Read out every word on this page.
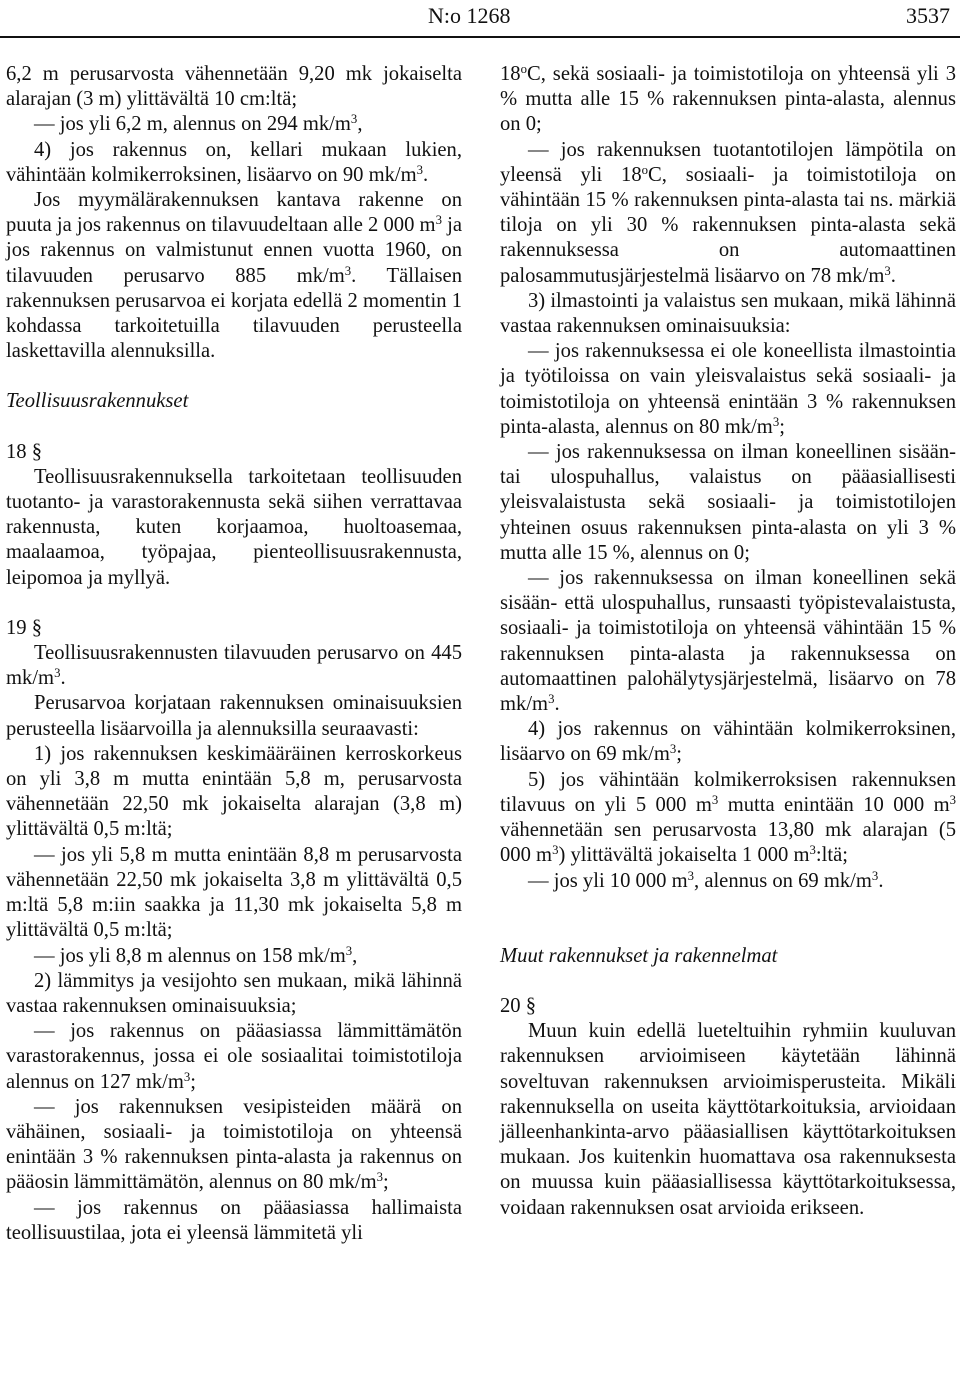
N:o 1268	3537

6,2 m perusarvosta vähennetään 9,20 mk jokaiselta alarajan (3 m) ylittävältä 10 cm:ltä;

— jos yli 6,2 m, alennus on 294 $mk/m^3$,

4) jos rakennus on, kellari mukaan lukien, vähintään kolmikerroksinen, lisäarvo on 90 $mk/m^3$.

Jos myymälärakennuksen kantava rakenne on puuta ja jos rakennus on tilavuudeltaan alle 2 000 $m^3$ ja jos rakennus on valmistunut ennen vuotta 1960, on tilavuuden perusarvo 885 $mk/m^3$. Tällaisen rakennuksen perusarvoa ei korjata edellä 2 momentin 1 kohdassa tarkoitetuilla tilavuuden perusteella laskettavilla alennuksilla.

Teollisuusrakennukset

18 §

Teollisuusrakennuksella tarkoitetaan teollisuuden tuotanto- ja varastorakennusta sekä siihen verrattavaa rakennusta, kuten korjaamoa, huoltoasemaa, maalaamoa, työpajaa, pienteollisuusrakennusta, leipomoa ja myllyä.

19 §

Teollisuusrakennusten tilavuuden perusarvo on 445 $mk/m^3$.

Perusarvoa korjataan rakennuksen ominaisuuksien perusteella lisäarvoilla ja alennuksilla seuraavasti:

1) jos rakennuksen keskimääräinen kerroskorkeus on yli 3,8 m mutta enintään 5,8 m, perusarvosta vähennetään 22,50 mk jokaiselta alarajan (3,8 m) ylittävältä 0,5 m:ltä;

— jos yli 5,8 m mutta enintään 8,8 m perusarvosta vähennetään 22,50 mk jokaiselta 3,8 m ylittävältä 0,5 m:ltä 5,8 m:iin saakka ja 11,30 mk jokaiselta 5,8 m ylittävältä 0,5 m:ltä;

— jos yli 8,8 m alennus on 158 $mk/m^3$,

2) lämmitys ja vesijohto sen mukaan, mikä lähinnä vastaa rakennuksen ominaisuuksia;

— jos rakennus on pääasiassa lämmittämätön varastorakennus, jossa ei ole sosiaalitai toimistotiloja alennus on 127 $mk/m^3$;

— jos rakennuksen vesipisteiden määrä on vähäinen, sosiaali- ja toimistotiloja on yhteensä enintään 3 % rakennuksen pinta-alasta ja rakennus on pääosin lämmittämätön, alennus on 80 $mk/m^3$;

— jos rakennus on pääasiassa hallimaista teollisuustilaa, jota ei yleensä lämmitetä yli

18$^o$C, sekä sosiaali- ja toimistotiloja on yhteensä yli 3 % mutta alle 15 % rakennuksen pinta-alasta, alennus on 0;

— jos rakennuksen tuotantotilojen lämpötila on yleensä yli 18$^o$C, sosiaali- ja toimistotiloja on vähintään 15 % rakennuksen pinta-alasta tai ns. märkiä tiloja on yli 30 % rakennuksen pinta-alasta sekä rakennuksessa on automaattinen palosammutusjärjestelmä lisäarvo on 78 $mk/m^3$.

3) ilmastointi ja valaistus sen mukaan, mikä lähinnä vastaa rakennuksen ominaisuuksia:

— jos rakennuksessa ei ole koneellista ilmastointia ja työtiloissa on vain yleisvalaistus sekä sosiaali- ja toimistotiloja on yhteensä enintään 3 % rakennuksen pinta-alasta, alennus on 80 $mk/m^3$;

— jos rakennuksessa on ilman koneellinen sisään- tai ulospuhallus, valaistus on pääasiallisesti yleisvalaistusta sekä sosiaali- ja toimistotilojen yhteinen osuus rakennuksen pinta-alasta on yli 3 % mutta alle 15 %, alennus on 0;

— jos rakennuksessa on ilman koneellinen sekä sisään- että ulospuhallus, runsaasti työpistevalaistusta, sosiaali- ja toimistotiloja on yhteensä vähintään 15 % rakennuksen pinta-alasta ja rakennuksessa on automaattinen palohälytysjärjestelmä, lisäarvo on 78 $mk/m^3$.

4) jos rakennus on vähintään kolmikerroksinen, lisäarvo on 69 $mk/m^3$;

5) jos vähintään kolmikerroksisen rakennuksen tilavuus on yli 5 000 $m^3$ mutta enintään 10 000 $m^3$ vähennetään sen perusarvosta 13,80 mk alarajan (5 000 $m^3$) ylittävältä jokaiselta 1 000 $m^3:ltä$;

— jos yli 10 000 $m^3$, alennus on 69 $mk/m^3$.

Muut rakennukset ja rakennelmat

20 §

Muun kuin edellä lueteltuihin ryhmiin kuuluvan rakennuksen arvioimiseen käytetään lähinnä soveltuvan rakennuksen arvioimisperusteita. Mikäli rakennuksella on useita käyttötarkoituksia, arvioidaan jälleenhankinta-arvo pääasiallisen käyttötarkoituksen mukaan. Jos kuitenkin huomattava osa rakennuksesta on muussa kuin pääasiallisessa käyttötarkoituksessa, voidaan rakennuksen osat arvioida erikseen.
